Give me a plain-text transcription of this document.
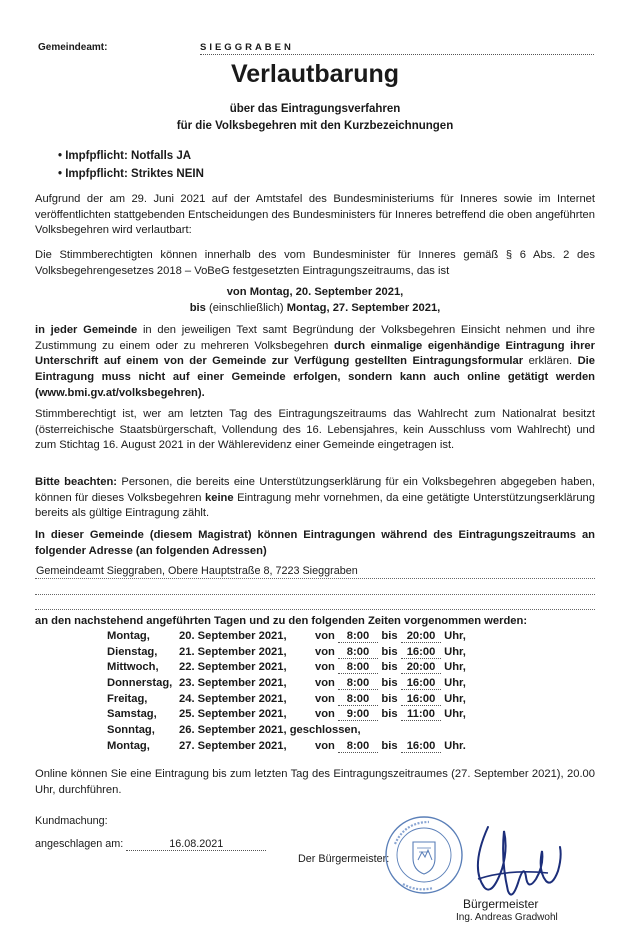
Gemeindeamt:	SIEGGRABEN
Verlautbarung
über das Eintragungsverfahren
für die Volksbegehren mit den Kurzbezeichnungen
• Impfpflicht: Notfalls JA
• Impfpflicht: Striktes NEIN
Aufgrund der am 29. Juni 2021 auf der Amtstafel des Bundesministeriums für Inneres sowie im Internet veröffentlichten stattgebenden Entscheidungen des Bundesministers für Inneres betreffend die oben angeführten Volksbegehren wird verlautbart:
Die Stimmberechtigten können innerhalb des vom Bundesminister für Inneres gemäß § 6 Abs. 2 des Volksbegehrengesetzes 2018 – VoBeG festgesetzten Eintragungszeitraums, das ist
von Montag, 20. September 2021,
bis (einschließlich) Montag, 27. September 2021,
in jeder Gemeinde in den jeweiligen Text samt Begründung der Volksbegehren Einsicht nehmen und ihre Zustimmung zu einem oder zu mehreren Volksbegehren durch einmalige eigenhändige Eintragung ihrer Unterschrift auf einem von der Gemeinde zur Verfügung gestellten Eintragungsformular erklären. Die Eintragung muss nicht auf einer Gemeinde erfolgen, sondern kann auch online getätigt werden (www.bmi.gv.at/volksbegehren).
Stimmberechtigt ist, wer am letzten Tag des Eintragungszeitraums das Wahlrecht zum Nationalrat besitzt (österreichische Staatsbürgerschaft, Vollendung des 16. Lebensjahres, kein Ausschluss vom Wahlrecht) und zum Stichtag 16. August 2021 in der Wählerevidenz einer Gemeinde eingetragen ist.
Bitte beachten: Personen, die bereits eine Unterstützungserklärung für ein Volksbegehren abgegeben haben, können für dieses Volksbegehren keine Eintragung mehr vornehmen, da eine getätigte Unterstützungserklärung bereits als gültige Eintragung zählt.
In dieser Gemeinde (diesem Magistrat) können Eintragungen während des Eintragungszeitraums an folgender Adresse (an folgenden Adressen)
Gemeindeamt Sieggraben, Obere Hauptstraße 8, 7223 Sieggraben
an den nachstehend angeführten Tagen und zu den folgenden Zeiten vorgenommen werden:
Montag,	20. September 2021,	von 8:00 bis 20:00 Uhr,
Dienstag, 21. September 2021,	von 8:00 bis 16:00 Uhr,
Mittwoch, 22. September 2021,	von 8:00 bis 20:00 Uhr,
Donnerstag, 23. September 2021,	von 8:00 bis 16:00 Uhr,
Freitag,	24. September 2021,	von 8:00 bis 16:00 Uhr,
Samstag, 25. September 2021,	von 9:00 bis 11:00 Uhr,
Sonntag, 26. September 2021, geschlossen,
Montag,	27. September 2021,	von 8:00 bis 16:00 Uhr.
Online können Sie eine Eintragung bis zum letzten Tag des Eintragungszeitraumes (27. September 2021), 20.00 Uhr, durchführen.
Kundmachung:
angeschlagen am:	16.08.2021
Der Bürgermeister:
Bürgermeister
Ing. Andreas Gradwohl
